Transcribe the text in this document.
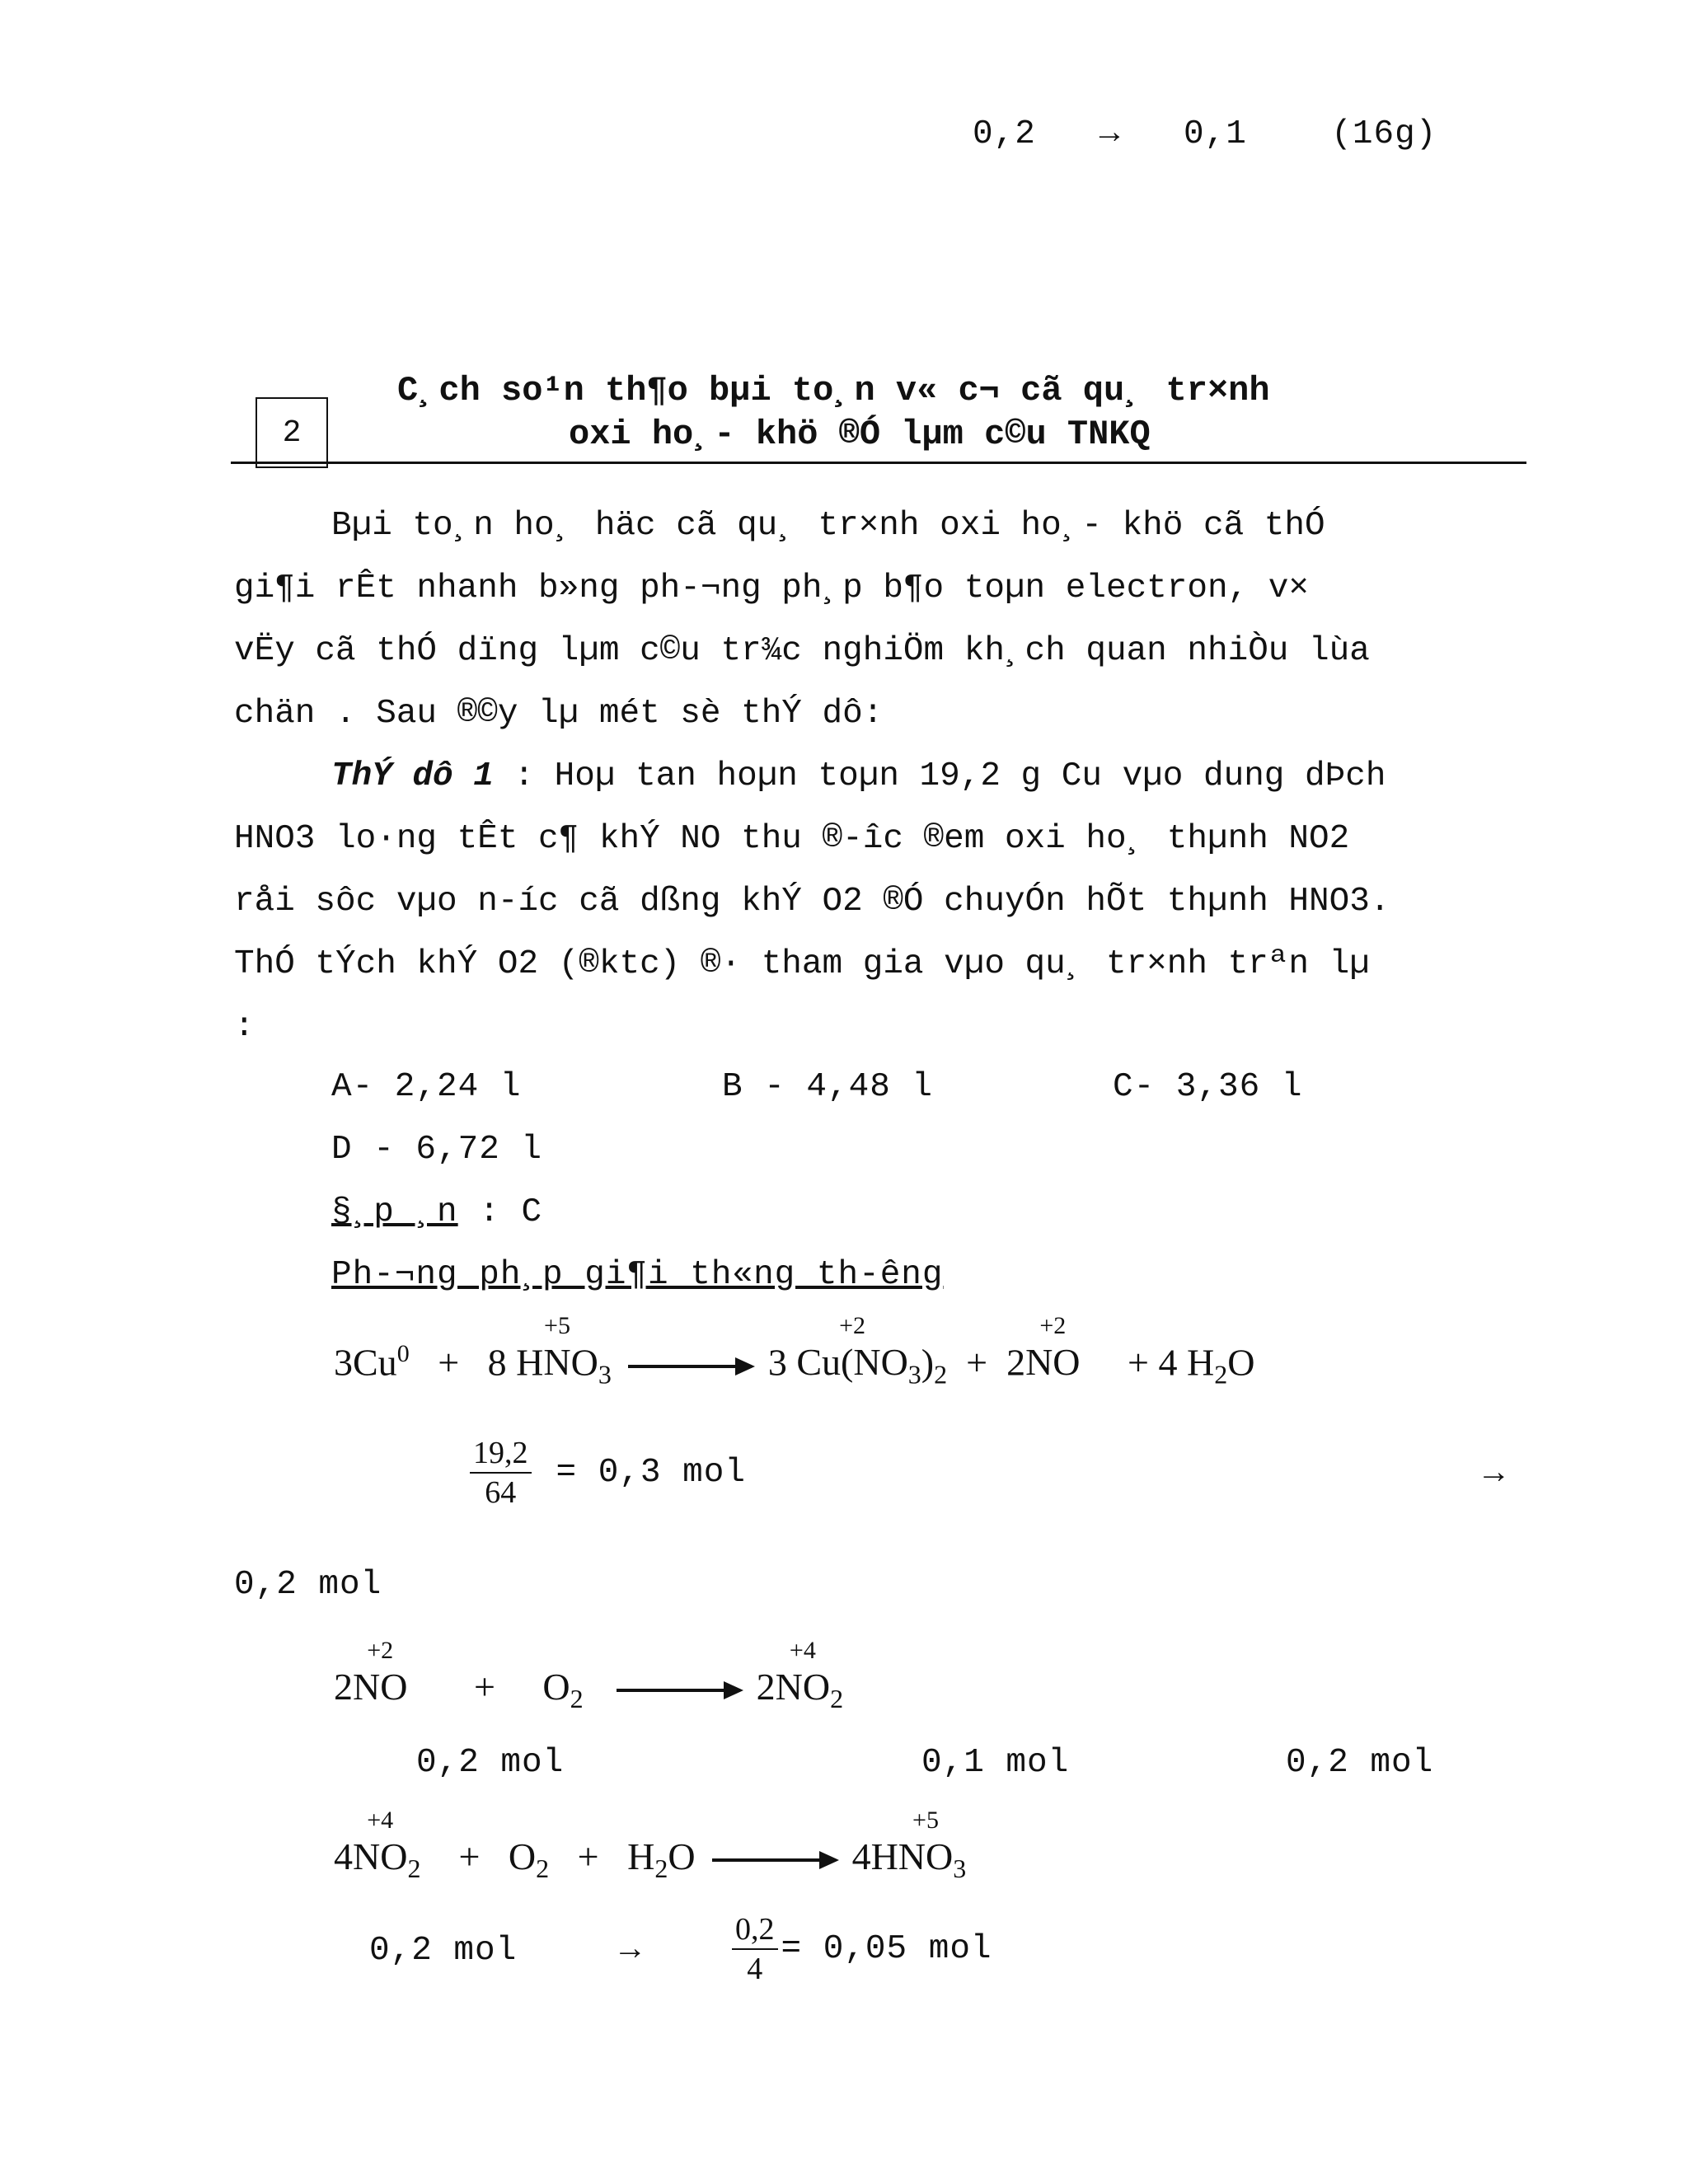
0,2 → 0,1 (16g)
2
C¸ch so¹n th¶o bµi to¸n v« c¬ cã qu¸ tr×nh
oxi ho¸- khö ®Ó lµm c©u TNKQ
Bµi to¸n ho¸ häc cã qu¸ tr×nh oxi ho¸- khö cã thÓ
gi¶i rÊt nhanh b»ng ph-¬ng ph¸p b¶o toµn electron, v×
vËy cã thÓ dïng lµm c©u tr¾c nghiÖm kh¸ch quan nhiÒu lùa
chän . Sau ®©y lµ mét sè thÝ dô:
ThÝ dô 1 : Hoµ tan hoµn toµn 19,2 g Cu vµo dung dÞch
HNO3 lo·ng tÊt c¶ khÝ NO thu ®-îc ®em oxi ho¸ thµnh NO2
råi sôc vµo n-íc cã dßng khÝ O2 ®Ó chuyÓn hÕt thµnh HNO3.
ThÓ tÝch khÝ O2 (®ktc) ®· tham gia vµo qu¸ tr×nh trªn lµ
:
A- 2,24 l	B - 4,48 l	C- 3,36 l
D - 6,72 l
§¸p ¸n : C
Ph-¬ng ph¸p gi¶i th«ng th-êng
$3Cu^0 + 8$ H
+5
$NO_3$	3
+2
$Cu(NO_3)_2 + 2$
+2
NO + 4 $H_2O$
$\frac{19,2}{64} = 0,3$ mol	→
0,2 mol
2
+2
NO + $O_2$	2
+4
$NO_2$
0,2 mol	0,1 mol	0,2 mol
4
+4
$NO_2 + O_2 + H_2O$	4H
+5
$NO_3$
0,2 mol	→	$\frac{0,2}{4} = 0,05$ mol
